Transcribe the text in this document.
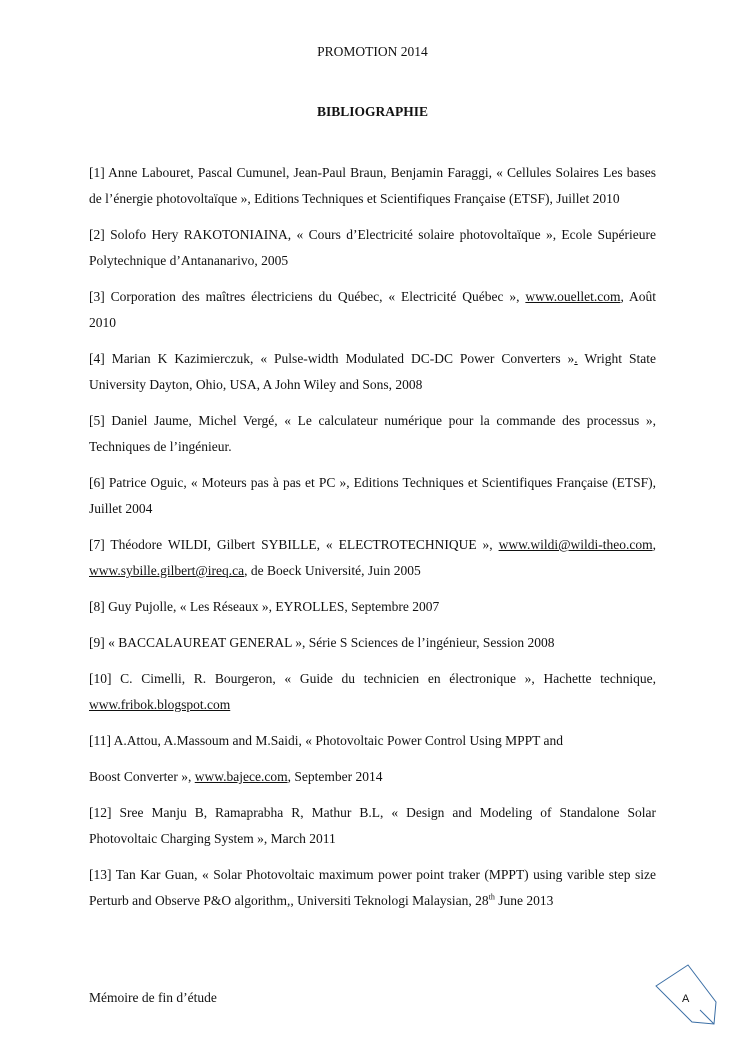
PROMOTION 2014
BIBLIOGRAPHIE

[1] Anne Labouret, Pascal Cumunel, Jean-Paul Braun, Benjamin Faraggi, « Cellules Solaires Les bases de l’énergie photovoltaïque », Editions Techniques et Scientifiques Française (ETSF), Juillet 2010

[2] Solofo Hery RAKOTONIAINA, « Cours d’Electricité solaire photovoltaïque », Ecole Supérieure Polytechnique d’Antananarivo, 2005

[3] Corporation des maîtres électriciens du Québec, « Electricité Québec », www.ouellet.com, Août 2010

[4] Marian K Kazimierczuk, « Pulse-width Modulated DC-DC Power Converters ». Wright State University Dayton, Ohio, USA, A John Wiley and Sons, 2008

[5] Daniel Jaume, Michel Vergé, « Le calculateur numérique pour la commande des processus », Techniques de l’ingénieur.

[6] Patrice Oguic, « Moteurs pas à pas et PC », Editions Techniques et Scientifiques Française (ETSF), Juillet 2004

[7] Théodore WILDI, Gilbert SYBILLE, « ELECTROTECHNIQUE », www.wildi@wildi-theo.com, www.sybille.gilbert@ireq.ca, de Boeck Université, Juin 2005

[8] Guy Pujolle, « Les Réseaux », EYROLLES, Septembre 2007

[9] « BACCALAUREAT GENERAL », Série S Sciences de l’ingénieur, Session 2008

[10] C. Cimelli, R. Bourgeron, « Guide du technicien en électronique », Hachette technique, www.fribok.blogspot.com

[11] A.Attou, A.Massoum and M.Saidi, « Photovoltaic Power Control Using MPPT and

Boost Converter », www.bajece.com, September 2014

[12] Sree Manju B, Ramaprabha R, Mathur B.L, « Design and Modeling of Standalone Solar Photovoltaic Charging System », March 2011

[13] Tan Kar Guan, « Solar Photovoltaic maximum power point traker (MPPT) using varible step size Perturb and Observe P&O algorithm,, Universiti Teknologi Malaysian, 28th June 2013

Mémoire de fin d’étude	A
